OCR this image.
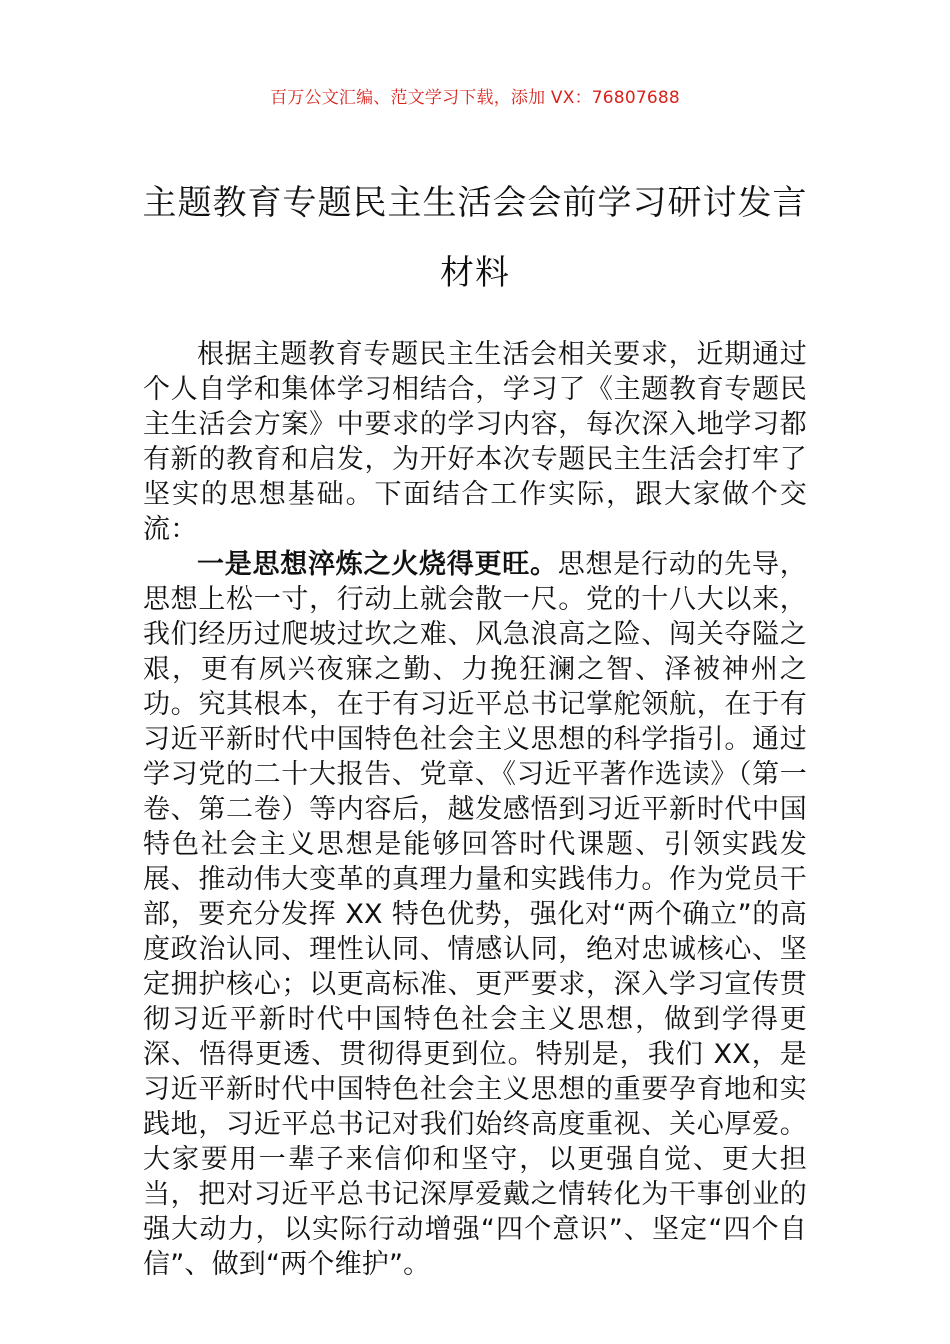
百万公文汇编、范文学习下载，添加 VX：76807688
主题教育专题民主生活会会前学习研讨发言材料

根据主题教育专题民主生活会相关要求，近期通过个人自学和集体学习相结合，学习了《主题教育专题民主生活会方案》中要求的学习内容，每次深入地学习都有新的教育和启发，为开好本次专题民主生活会打牢了坚实的思想基础。下面结合工作实际，跟大家做个交流：

一是思想淬炼之火烧得更旺。思想是行动的先导，思想上松一寸，行动上就会散一尺。党的十八大以来，我们经历过爬坡过坎之难、风急浪高之险、闯关夺隘之艰，更有夙兴夜寐之勤、力挽狂澜之智、泽被神州之功。究其根本，在于有习近平总书记掌舵领航，在于有习近平新时代中国特色社会主义思想的科学指引。通过学习党的二十大报告、党章、《习近平著作选读》（第一卷、第二卷）等内容后，越发感悟到习近平新时代中国特色社会主义思想是能够回答时代课题、引领实践发展、推动伟大变革的真理力量和实践伟力。作为党员干部，要充分发挥 XX 特色优势，强化对“两个确立”的高度政治认同、理性认同、情感认同，绝对忠诚核心、坚定拥护核心；以更高标准、更严要求，深入学习宣传贯彻习近平新时代中国特色社会主义思想，做到学得更深、悟得更透、贯彻得更到位。特别是，我们 XX，是习近平新时代中国特色社会主义思想的重要孕育地和实践地，习近平总书记对我们始终高度重视、关心厚爱。大家要用一辈子来信仰和坚守，以更强自觉、更大担当，把对习近平总书记深厚爱戴之情转化为干事创业的强大动力，以实际行动增强“四个意识”、坚定“四个自信”、做到“两个维护”。
